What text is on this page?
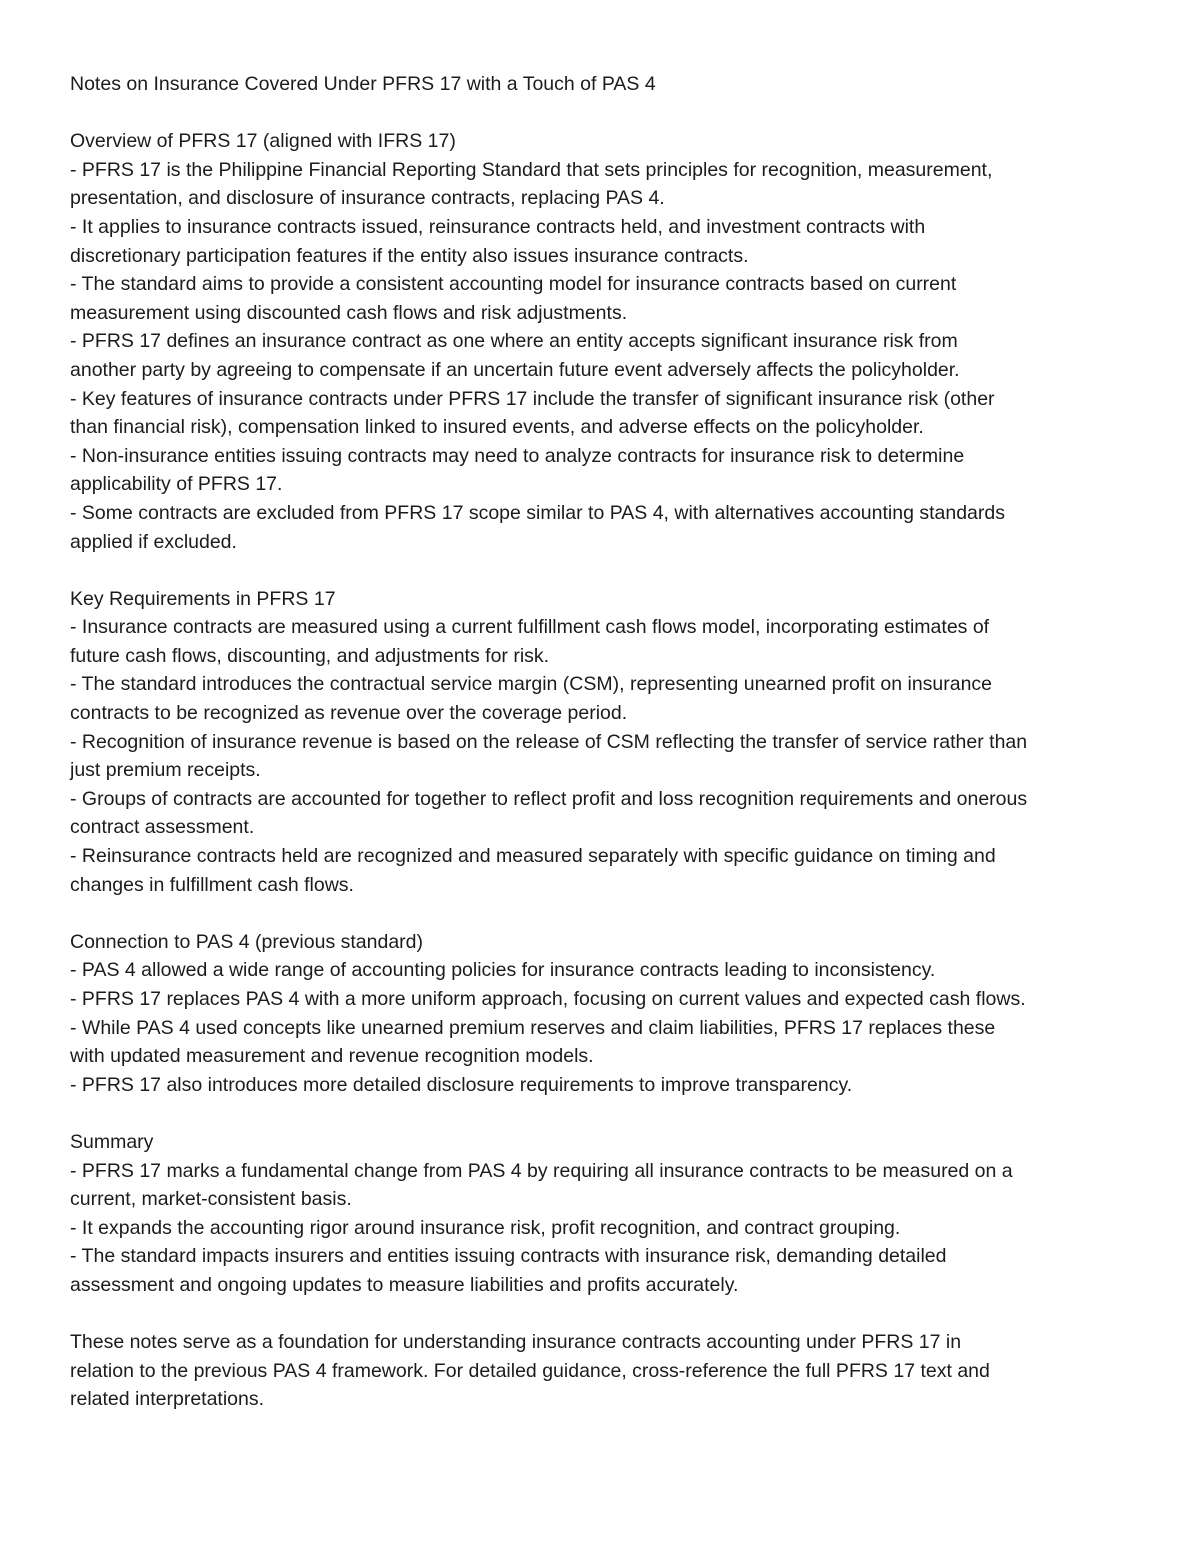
Notes on Insurance Covered Under PFRS 17 with a Touch of PAS 4
Overview of PFRS 17 (aligned with IFRS 17)
- PFRS 17 is the Philippine Financial Reporting Standard that sets principles for recognition, measurement,
presentation, and disclosure of insurance contracts, replacing PAS 4.
- It applies to insurance contracts issued, reinsurance contracts held, and investment contracts with
discretionary participation features if the entity also issues insurance contracts.
- The standard aims to provide a consistent accounting model for insurance contracts based on current
measurement using discounted cash flows and risk adjustments.
- PFRS 17 defines an insurance contract as one where an entity accepts significant insurance risk from
another party by agreeing to compensate if an uncertain future event adversely affects the policyholder.
- Key features of insurance contracts under PFRS 17 include the transfer of significant insurance risk (other
than financial risk), compensation linked to insured events, and adverse effects on the policyholder.
- Non-insurance entities issuing contracts may need to analyze contracts for insurance risk to determine
applicability of PFRS 17.
- Some contracts are excluded from PFRS 17 scope similar to PAS 4, with alternatives accounting standards
applied if excluded.
Key Requirements in PFRS 17
- Insurance contracts are measured using a current fulfillment cash flows model, incorporating estimates of
future cash flows, discounting, and adjustments for risk.
- The standard introduces the contractual service margin (CSM), representing unearned profit on insurance
contracts to be recognized as revenue over the coverage period.
- Recognition of insurance revenue is based on the release of CSM reflecting the transfer of service rather than
just premium receipts.
- Groups of contracts are accounted for together to reflect profit and loss recognition requirements and onerous
contract assessment.
- Reinsurance contracts held are recognized and measured separately with specific guidance on timing and
changes in fulfillment cash flows.
Connection to PAS 4 (previous standard)
- PAS 4 allowed a wide range of accounting policies for insurance contracts leading to inconsistency.
- PFRS 17 replaces PAS 4 with a more uniform approach, focusing on current values and expected cash flows.
- While PAS 4 used concepts like unearned premium reserves and claim liabilities, PFRS 17 replaces these
with updated measurement and revenue recognition models.
- PFRS 17 also introduces more detailed disclosure requirements to improve transparency.
Summary
- PFRS 17 marks a fundamental change from PAS 4 by requiring all insurance contracts to be measured on a
current, market-consistent basis.
- It expands the accounting rigor around insurance risk, profit recognition, and contract grouping.
- The standard impacts insurers and entities issuing contracts with insurance risk, demanding detailed
assessment and ongoing updates to measure liabilities and profits accurately.
These notes serve as a foundation for understanding insurance contracts accounting under PFRS 17 in
relation to the previous PAS 4 framework. For detailed guidance, cross-reference the full PFRS 17 text and
related interpretations.
